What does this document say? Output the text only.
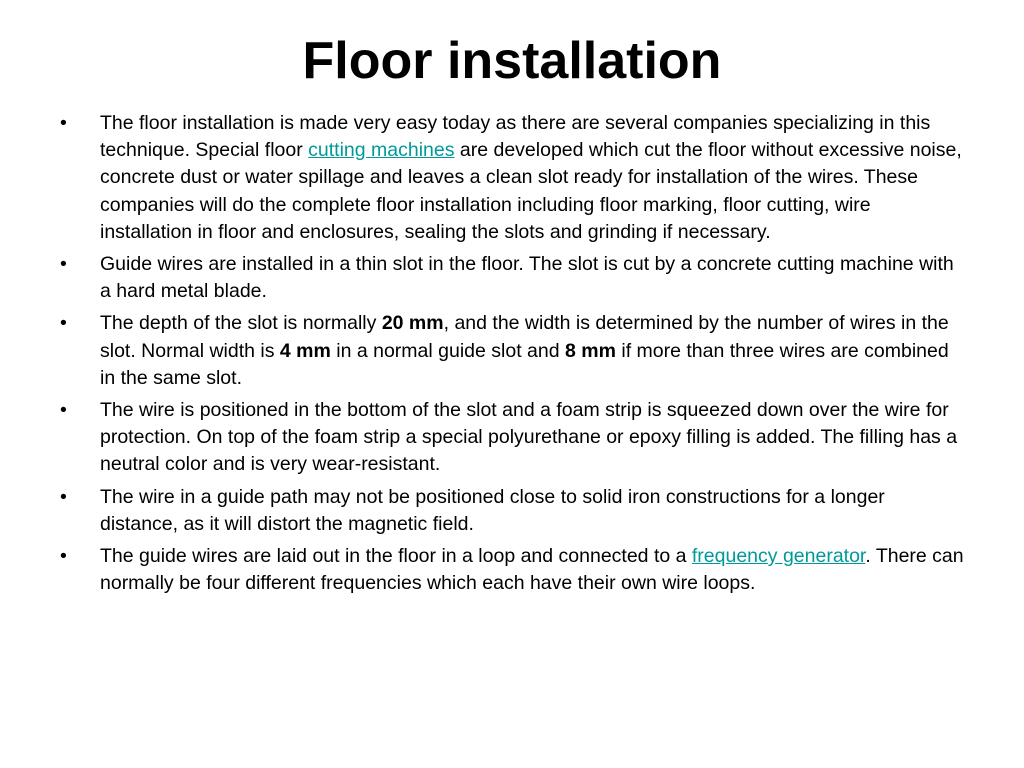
Floor installation
• The floor installation is made very easy today as there are several companies specializing in this technique. Special floor cutting machines are developed which cut the floor without excessive noise, concrete dust or water spillage and leaves a clean slot ready for installation of the wires. These companies will do the complete floor installation including floor marking, floor cutting, wire installation in floor and enclosures, sealing the slots and grinding if necessary.
• Guide wires are installed in a thin slot in the floor. The slot is cut by a concrete cutting machine with a hard metal blade.
• The depth of the slot is normally 20 mm, and the width is determined by the number of wires in the slot. Normal width is 4 mm in a normal guide slot and 8 mm if more than three wires are combined in the same slot.
• The wire is positioned in the bottom of the slot and a foam strip is squeezed down over the wire for protection. On top of the foam strip a special polyurethane or epoxy filling is added. The filling has a neutral color and is very wear-resistant.
• The wire in a guide path may not be positioned close to solid iron constructions for a longer distance, as it will distort the magnetic field.
• The guide wires are laid out in the floor in a loop and connected to a frequency generator. There can normally be four different frequencies which each have their own wire loops.
